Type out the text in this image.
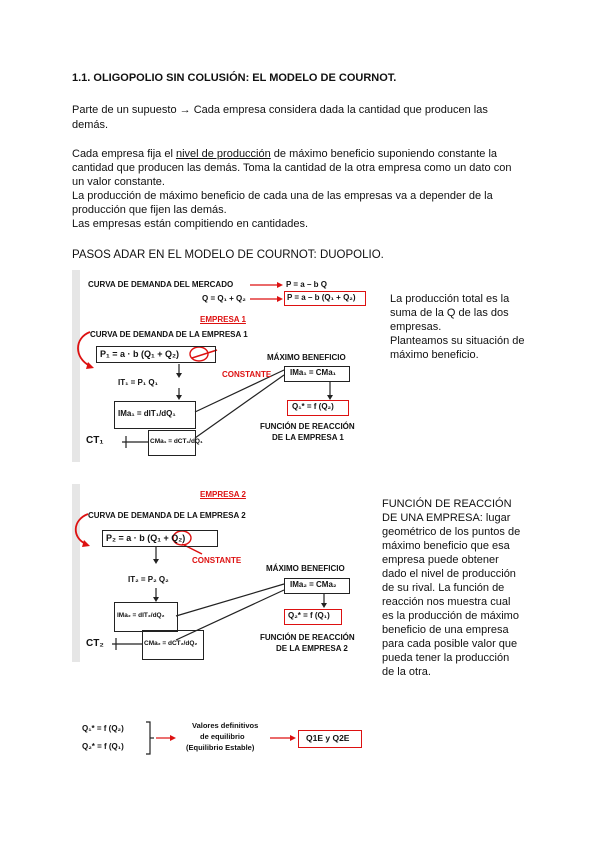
1.1. OLIGOPOLIO SIN COLUSIÓN: EL MODELO DE COURNOT.
Parte de un supuesto → Cada empresa considera dada la cantidad que producen las
demás.
Cada empresa fija el nivel de producción de máximo beneficio suponiendo constante la
cantidad que producen las demás. Toma la cantidad de la otra empresa como un dato con
un valor constante.
La producción de máximo beneficio de cada una de las empresas va a depender de la
producción que fijen las demás.
Las empresas están compitiendo en cantidades.
PASOS ADAR EN EL MODELO DE COURNOT: DUOPOLIO.
La producción total es la
suma de la Q de las dos
empresas.
Planteamos su situación de
máximo beneficio.
FUNCIÓN DE REACCIÓN
DE UNA EMPRESA: lugar
geométrico de los puntos de
máximo beneficio que esa
empresa puede obtener
dado el nivel de producción
de su rival. La función de
reacción nos muestra cual
es la producción de máximo
beneficio de una empresa
para cada posible valor que
pueda tener la producción
de la otra.
CURVA DE DEMANDA DEL MERCADO	P = a – b Q
Q = Q₁ + Q₂	P = a – b (Q₁ + Q₂)
EMPRESA 1
CURVA DE DEMANDA DE LA EMPRESA 1
P₁ = a · b (Q₁ + Q₂)
CONSTANTE
IT₁ = P₁ Q₁
IMa₁ = dIT₁/dQ₁
CT₁	CMa₁ = dCT₁/dQ₁
MÁXIMO BENEFICIO
IMa₁ = CMa₁
Q₁* = f (Q₂)
FUNCIÓN DE REACCIÓN
DE LA EMPRESA 1
EMPRESA 2
CURVA DE DEMANDA DE LA EMPRESA 2
P₂ = a · b (Q₁ + Q₂)
CONSTANTE
IT₂ = P₂ Q₂
IMa₂ = dIT₂/dQ₂
CT₂	CMa₂ = dCT₂/dQ₂
MÁXIMO BENEFICIO
IMa₂ = CMa₂
Q₂* = f (Q₁)
FUNCIÓN DE REACCIÓN
DE LA EMPRESA 2
Q₁* = f (Q₂)
Q₂* = f (Q₁)
Valores definitivos
de equilibrio
(Equilibrio Estable)
Q1E y Q2E
